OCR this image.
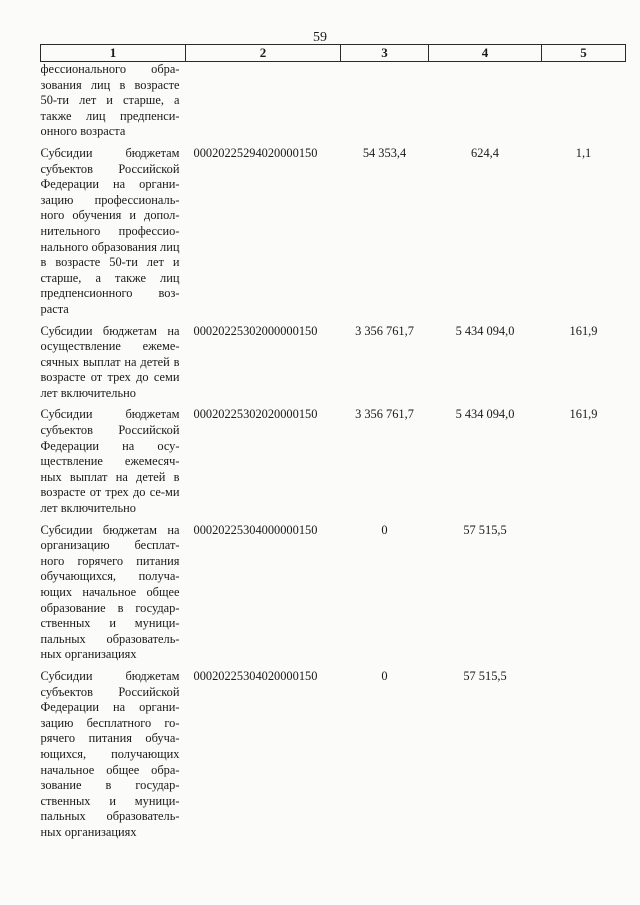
59
1	2	3	4	5
фессионального обра-зования лиц в возрасте 50-ти лет и старше, а также лиц предпенси-онного возраста				
Субсидии бюджетам субъектов Российской Федерации на органи-зацию профессиональ-ного обучения и допол-нительного профессио-нального образования лиц в возрасте 50-ти лет и старше, а также лиц предпенсионного воз-раста	00020225294020000150	54 353,4	624,4	1,1
Субсидии бюджетам на осуществление ежеме-сячных выплат на детей в возрасте от трех до семи лет включительно	00020225302000000150	3 356 761,7	5 434 094,0	161,9
Субсидии бюджетам субъектов Российской Федерации на осу-ществление ежемесяч-ных выплат на детей в возрасте от трех до се-ми лет включительно	00020225302020000150	3 356 761,7	5 434 094,0	161,9
Субсидии бюджетам на организацию бесплат-ного горячего питания обучающихся, получа-ющих начальное общее образование в государ-ственных и муници-пальных образователь-ных организациях	00020225304000000150	0	57 515,5	
Субсидии бюджетам субъектов Российской Федерации на органи-зацию бесплатного го-рячего питания обуча-ющихся, получающих начальное общее обра-зование в государ-ственных и муници-пальных образователь-ных организациях	00020225304020000150	0	57 515,5	
